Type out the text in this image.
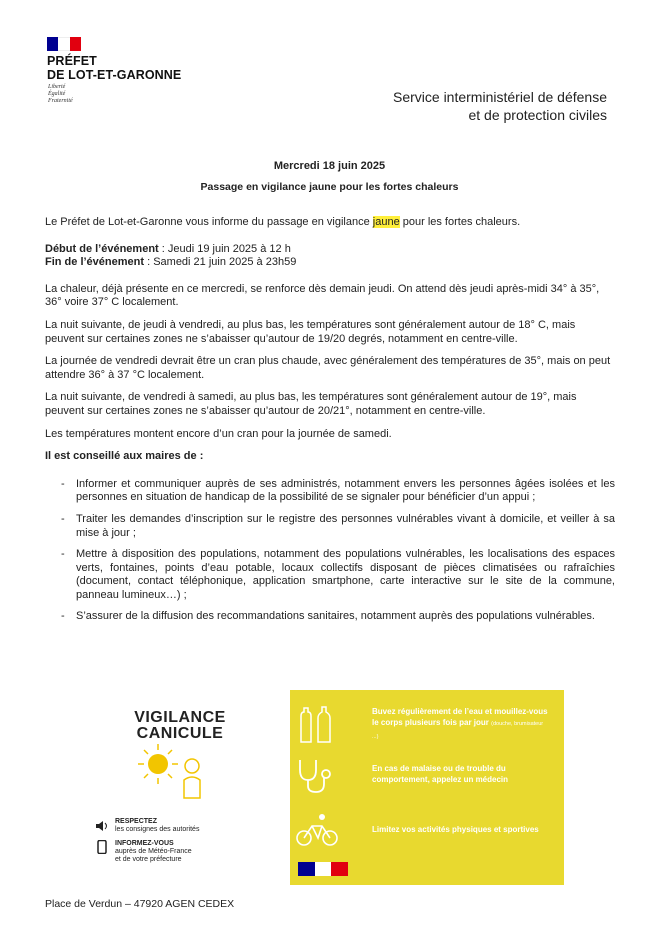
PRÉFET
DE LOT-ET-GARONNE
Liberté
Égalité
Fraternité	Service interministériel de défense
et de protection civiles
Mercredi 18 juin 2025
Passage en vigilance jaune pour les fortes chaleurs

Le Préfet de Lot-et-Garonne vous informe du passage en vigilance jaune pour les fortes chaleurs.

Début de l’événement : Jeudi 19 juin 2025 à 12 h
Fin de l’événement : Samedi 21 juin 2025 à 23h59

La chaleur, déjà présente en ce mercredi, se renforce dès demain jeudi. On attend dès jeudi après-midi 34° à 35°, 36° voire 37° C localement.

La nuit suivante, de jeudi à vendredi, au plus bas, les températures sont généralement autour de 18° C, mais peuvent sur certaines zones ne s’abaisser qu’autour de 19/20 degrés, notamment en centre-ville.

La journée de vendredi devrait être un cran plus chaude, avec généralement des températures de 35°, mais on peut attendre 36° à 37 °C localement.

La nuit suivante, de vendredi à samedi, au plus bas, les températures sont généralement autour de 19°, mais peuvent sur certaines zones ne s’abaisser qu’autour de 20/21°, notamment en centre-ville.

Les températures montent encore d’un cran pour la journée de samedi.

Il est conseillé aux maires de :

- Informer et communiquer auprès de ses administrés, notamment envers les personnes âgées isolées et les personnes en situation de handicap de la possibilité de se signaler pour bénéficier d’un appui ;
- Traiter les demandes d’inscription sur le registre des personnes vulnérables vivant à domicile, et veiller à sa mise à jour ;
- Mettre à disposition des populations, notamment des populations vulnérables, les localisations des espaces verts, fontaines, points d’eau potable, locaux collectifs disposant de pièces climatisées ou rafraîchies (document, contact téléphonique, application smartphone, carte interactive sur le site de la commune, panneau lumineux…) ;
- S’assurer de la diffusion des recommandations sanitaires, notamment auprès des populations vulnérables.
VIGILANCE
CANICULE
RESPECTEZ
les consignes des autorités
INFORMEZ-VOUS
auprès de Météo-France
et de votre préfecture
Buvez régulièrement de l’eau et mouillez-vous le corps plusieurs fois par jour (douche, brumisateur ...)
En cas de malaise ou de trouble du comportement, appelez un médecin
Limitez vos activités physiques et sportives
Place de Verdun – 47920 AGEN CEDEX
